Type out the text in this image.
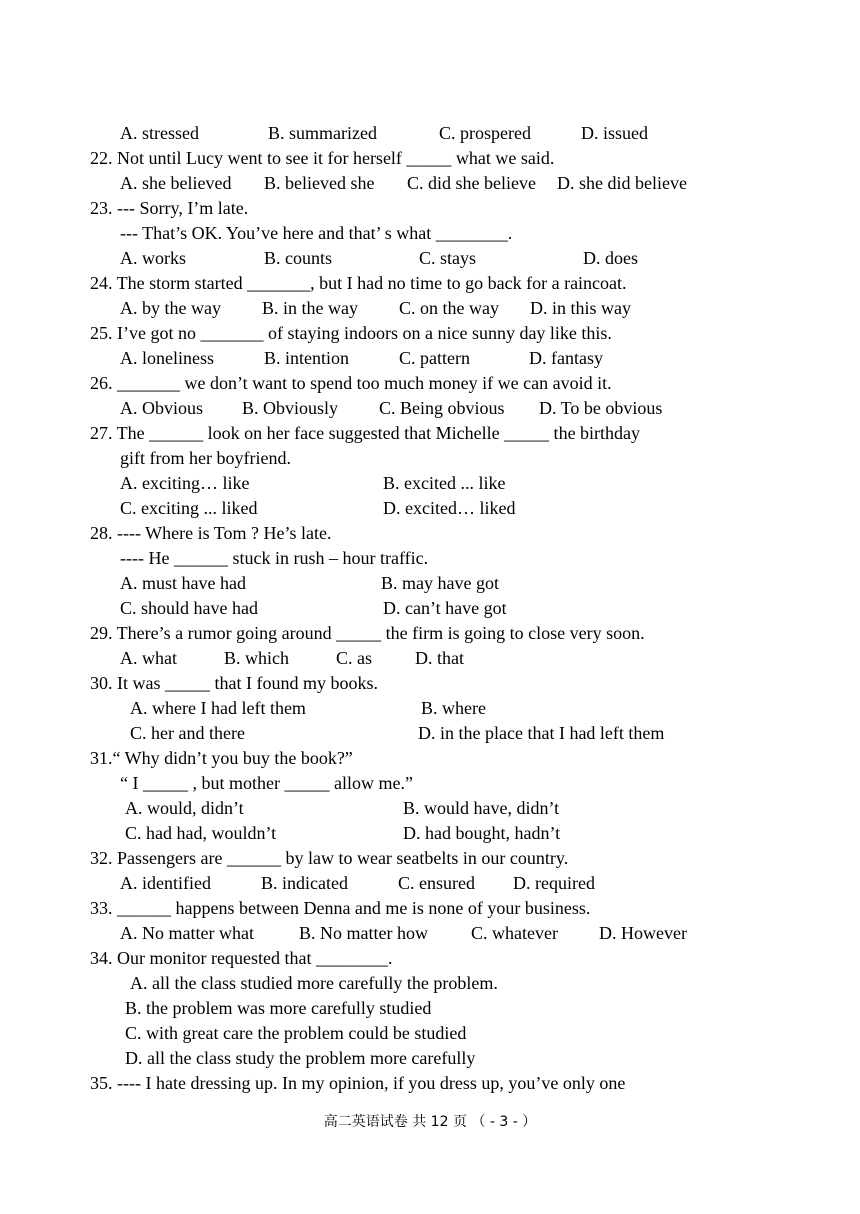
A. stressed	B. summarized	C. prospered	D. issued
22. Not until Lucy went to see it for herself _____ what we said.
A. she believed B. believed she C. did she believe D. she did believe
23. --- Sorry, I’m late.
--- That’s OK. You’ve here and that’ s what ________.
A. works	B. counts	C. stays	D. does
24. The storm started _______, but I had no time to go back for a raincoat.
A. by the way B. in the way C. on the way D. in this way
25. I’ve got no _______ of staying indoors on a nice sunny day like this.
A. loneliness	B. intention	C. pattern	D. fantasy
26. _______ we don’t want to spend too much money if we can avoid it.
A. Obvious B. Obviously C. Being obvious D. To be obvious
27. The ______ look on her face suggested that Michelle _____ the birthday
gift from her boyfriend.
A. exciting… like	B. excited ... like
C. exciting ... liked	D. excited… liked
28. ---- Where is Tom ? He’s late.
---- He ______ stuck in rush – hour traffic.
A. must have had	B. may have got
C. should have had	D. can’t have got
29. There’s a rumor going around _____ the firm is going to close very soon.
A. what	B. which	C. as D. that
30. It was _____ that I found my books.
A. where I had left them	B. where
C. her and there	D. in the place that I had left them
31.“ Why didn’t you buy the book?”
“ I _____ , but mother _____ allow me.”
A. would, didn’t	B. would have, didn’t
C. had had, wouldn’t	D. had bought, hadn’t
32. Passengers are ______ by law to wear seatbelts in our country.
A. identified	B. indicated	C. ensured D. required
33. ______ happens between Denna and me is none of your business.
A. No matter what	B. No matter how C. whatever D. However
34. Our monitor requested that ________.
A. all the class studied more carefully the problem.
B. the problem was more carefully studied
C. with great care the problem could be studied
D. all the class study the problem more carefully
35. ---- I hate dressing up. In my opinion, if you dress up, you’ve only one
高二英语试卷 共 12 页 （ - 3 - ）
